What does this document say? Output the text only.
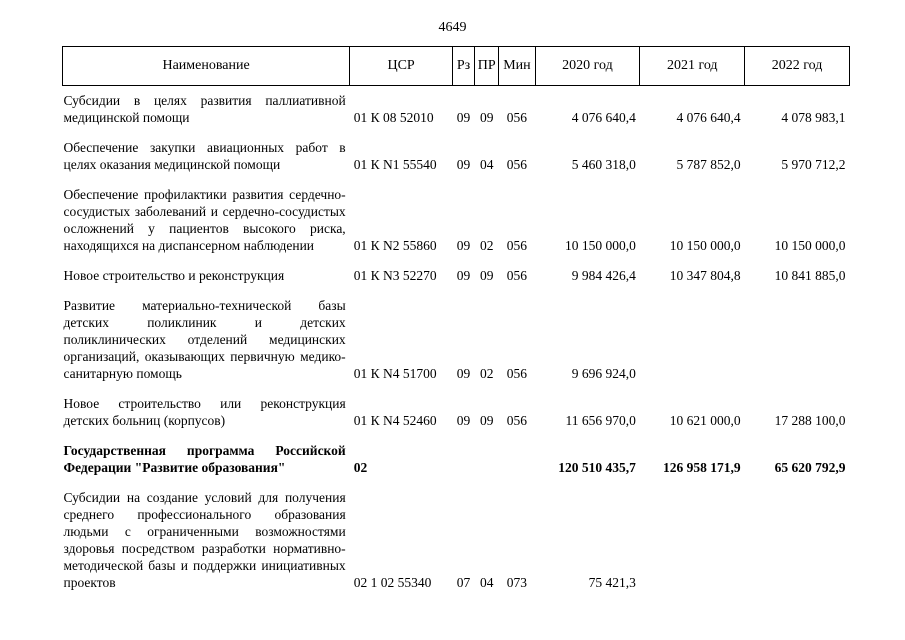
4649
Наименование	ЦСР	Рз	ПР	Мин	2020 год	2021 год	2022 год
Субсидии в целях развития паллиативной медицинской помощи	01 К 08 52010	09	09	056	4 076 640,4	4 076 640,4	4 078 983,1
Обеспечение закупки авиационных работ в целях оказания медицинской помощи	01 К N1 55540	09	04	056	5 460 318,0	5 787 852,0	5 970 712,2
Обеспечение профилактики развития сердечно-сосудистых заболеваний и сердечно-сосудистых осложнений у пациентов высокого риска, находящихся на диспансерном наблюдении	01 К N2 55860	09	02	056	10 150 000,0	10 150 000,0	10 150 000,0
Новое строительство и реконструкция	01 К N3 52270	09	09	056	9 984 426,4	10 347 804,8	10 841 885,0
Развитие материально-технической базы детских поликлиник и детских поликлинических отделений медицинских организаций, оказывающих первичную медико-санитарную помощь	01 К N4 51700	09	02	056	9 696 924,0		
Новое строительство или реконструкция детских больниц (корпусов)	01 К N4 52460	09	09	056	11 656 970,0	10 621 000,0	17 288 100,0
Государственная программа Российской Федерации "Развитие образования"	02				120 510 435,7	126 958 171,9	65 620 792,9
Субсидии на создание условий для получения среднего профессионального образования людьми с ограниченными возможностями здоровья посредством разработки нормативно-методической базы и поддержки инициативных проектов	02 1 02 55340	07	04	073	75 421,3		
